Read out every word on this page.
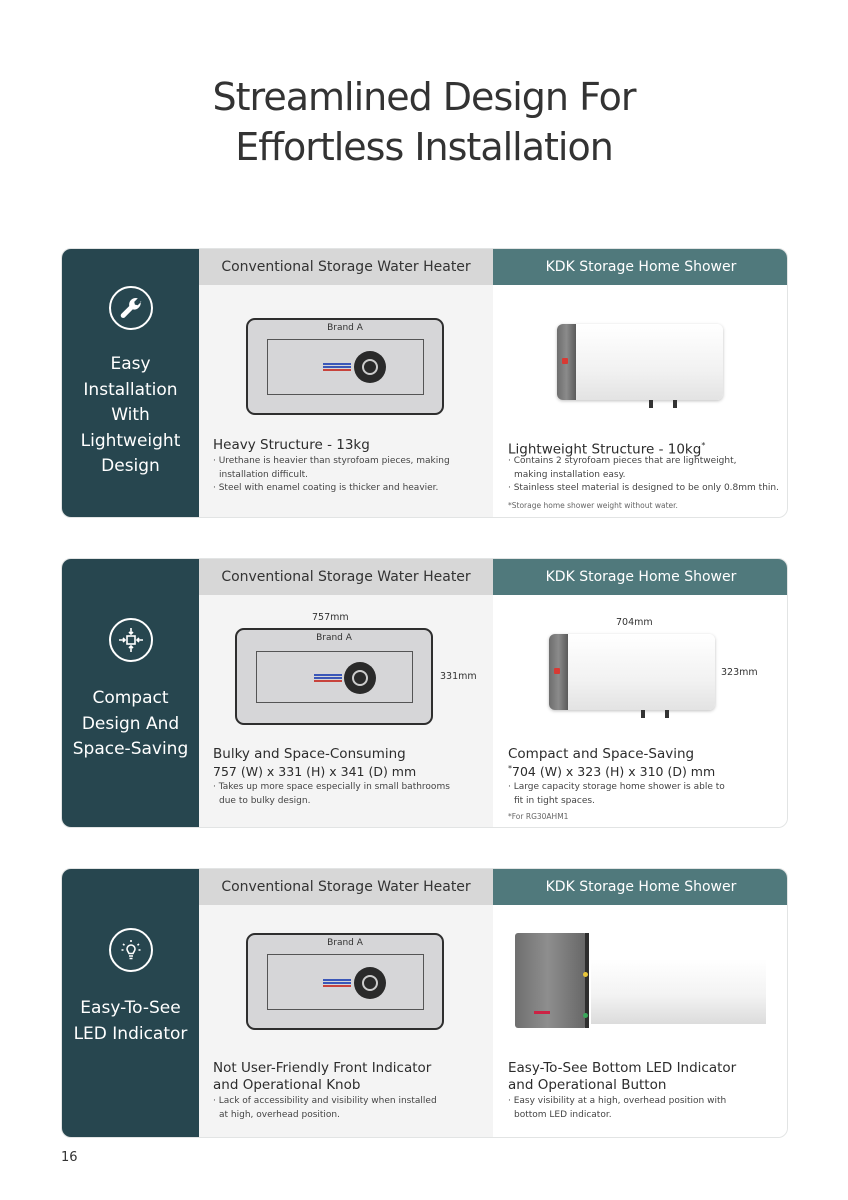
Streamlined Design For
Effortless Installation
Easy
Installation
With
Lightweight
Design
Conventional Storage Water Heater	KDK Storage Home Shower
Brand A
Heavy Structure - 13kg
· Urethane is heavier than styrofoam pieces, making
installation difficult.
· Steel with enamel coating is thicker and heavier.
Lightweight Structure - 10kg*
· Contains 2 styrofoam pieces that are lightweight,
making installation easy.
· Stainless steel material is designed to be only 0.8mm thin.
*Storage home shower weight without water.
Compact
Design And
Space-Saving
Conventional Storage Water Heater	KDK Storage Home Shower
757mm
Brand A
331mm
704mm
323mm
Bulky and Space-Consuming
757 (W) x 331 (H) x 341 (D) mm
· Takes up more space especially in small bathrooms
due to bulky design.
Compact and Space-Saving
*704 (W) x 323 (H) x 310 (D) mm
· Large capacity storage home shower is able to
fit in tight spaces.
*For RG30AHM1
Easy-To-See
LED Indicator
Conventional Storage Water Heater	KDK Storage Home Shower
Brand A
Not User-Friendly Front Indicator
and Operational Knob
· Lack of accessibility and visibility when installed
at high, overhead position.
Easy-To-See Bottom LED Indicator
and Operational Button
· Easy visibility at a high, overhead position with
bottom LED indicator.
16
